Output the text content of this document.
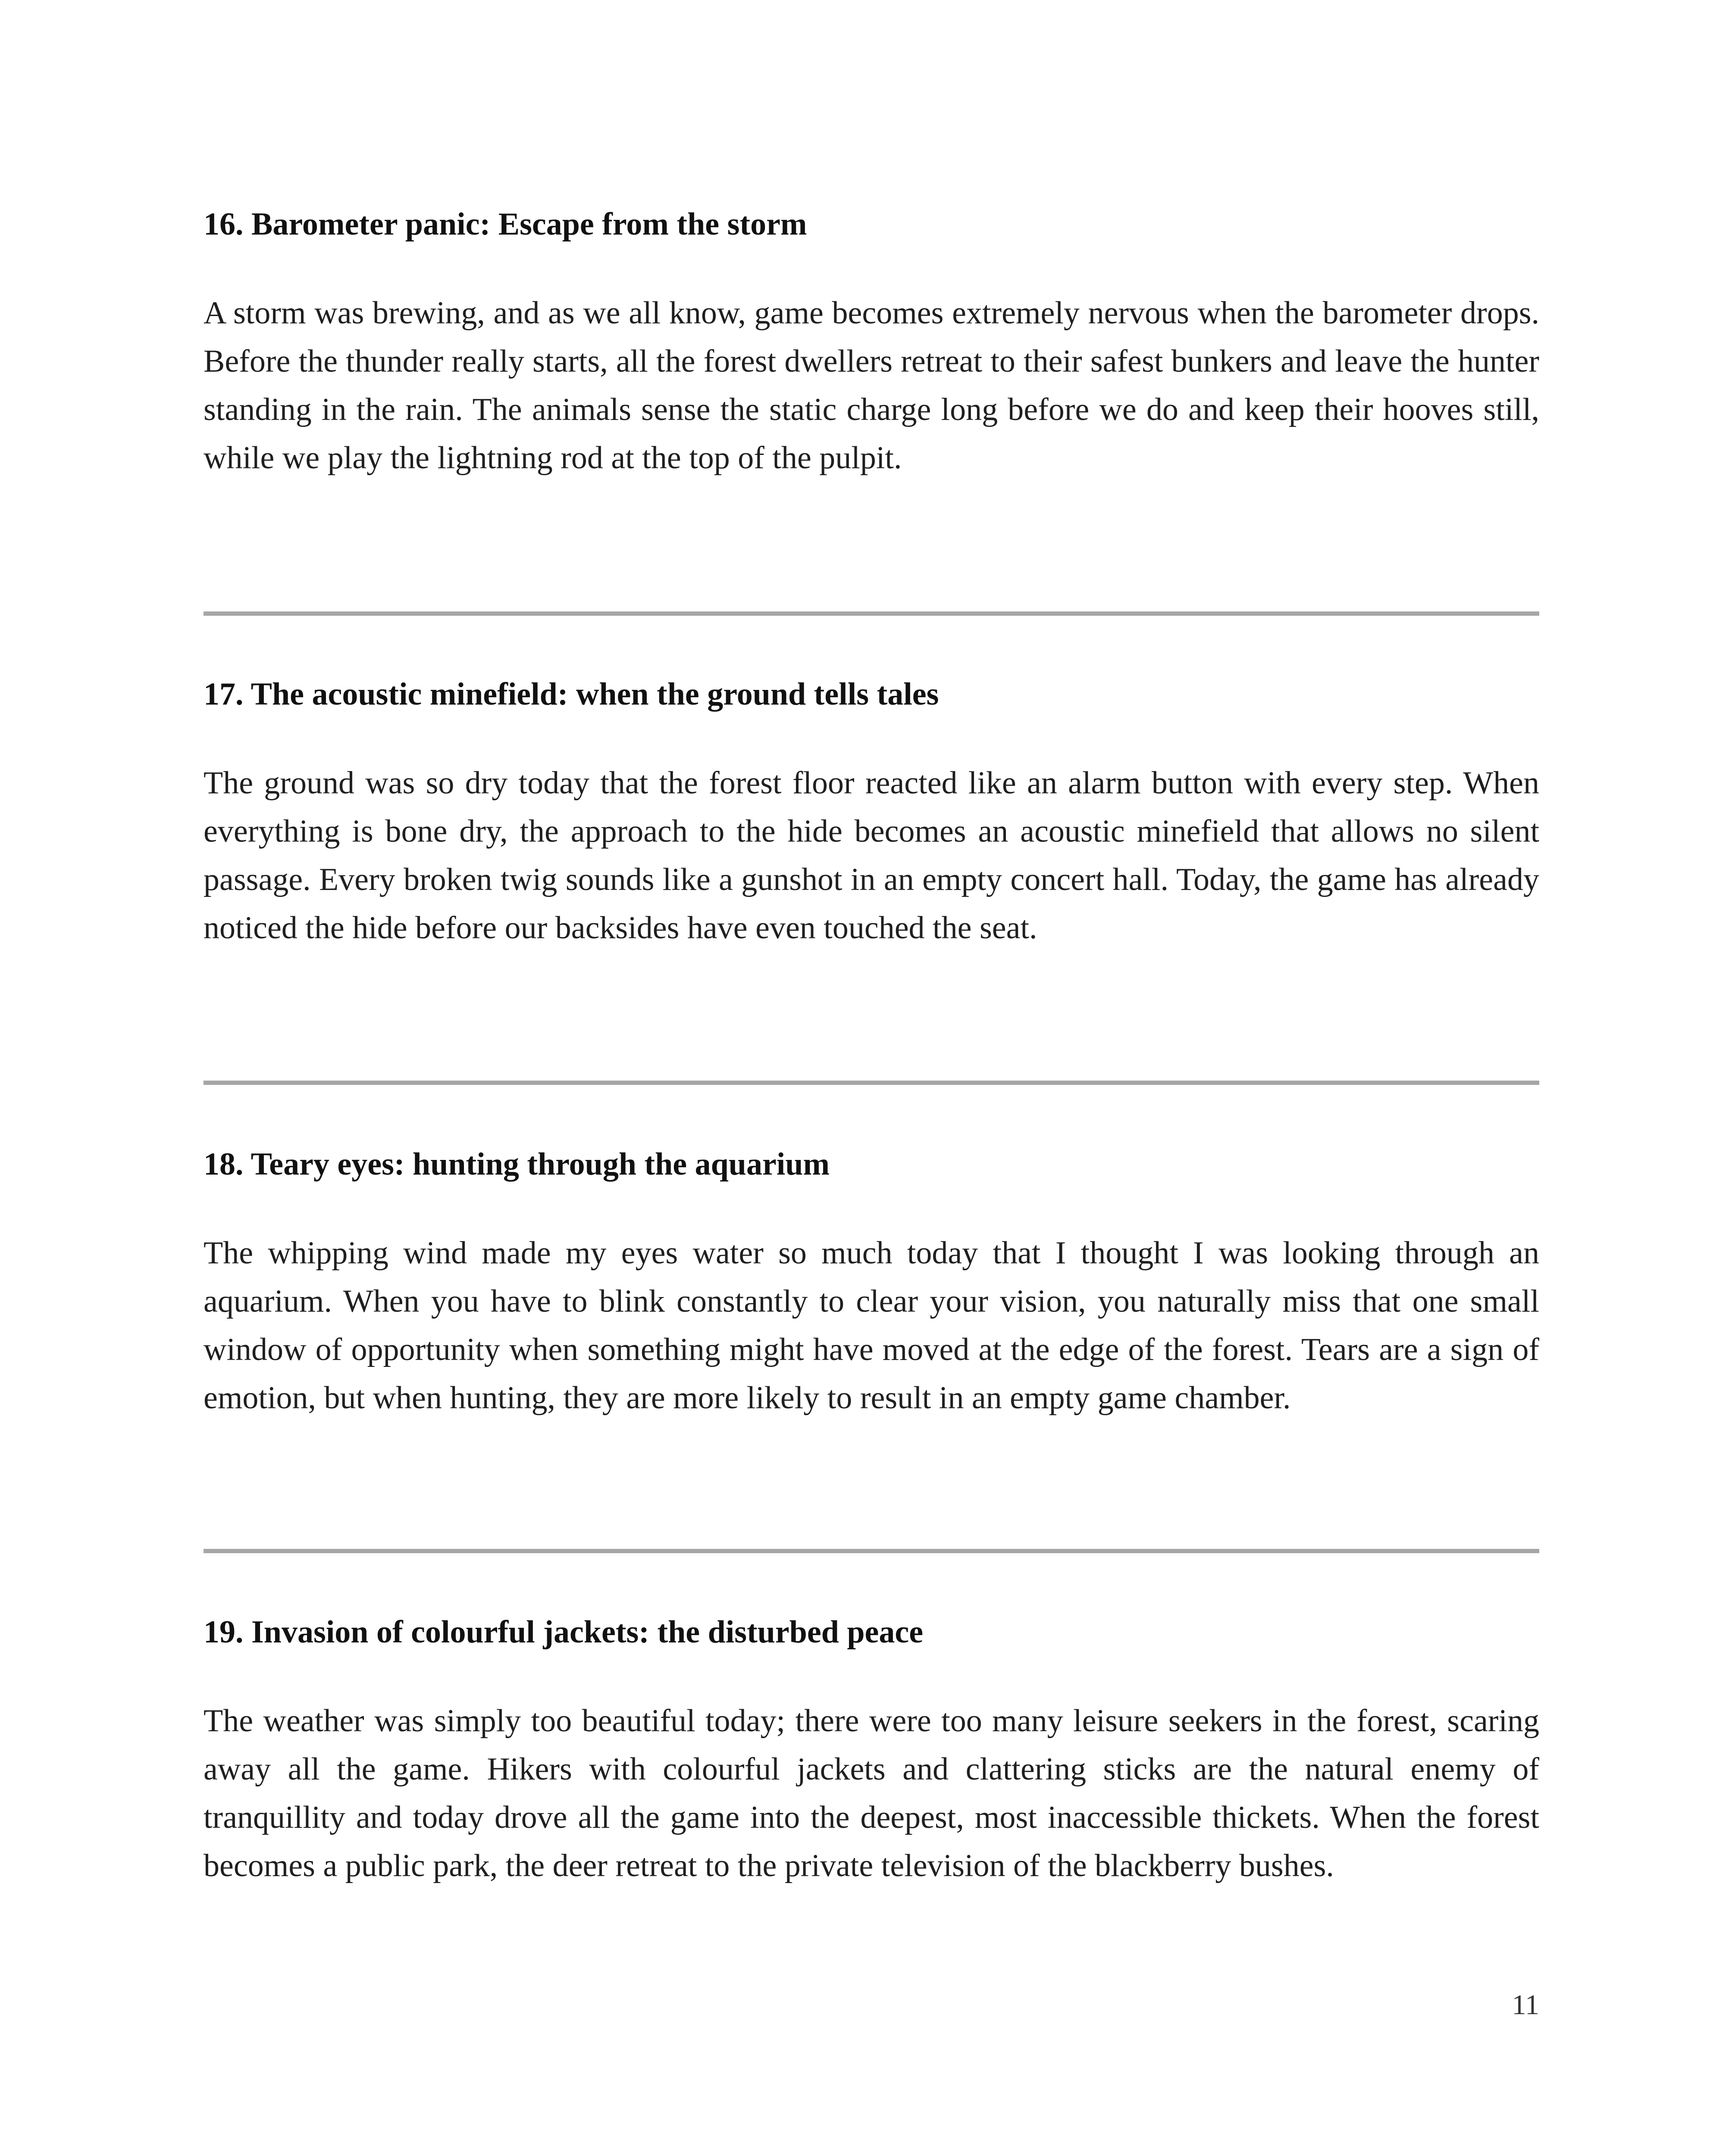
16. Barometer panic: Escape from the storm

A storm was brewing, and as we all know, game becomes extremely nervous when the barometer drops. Before the thunder really starts, all the forest dwellers retreat to their safest bunkers and leave the hunter standing in the rain. The animals sense the static charge long before we do and keep their hooves still, while we play the lightning rod at the top of the pulpit.

17. The acoustic minefield: when the ground tells tales

The ground was so dry today that the forest floor reacted like an alarm button with every step. When everything is bone dry, the approach to the hide becomes an acoustic minefield that allows no silent passage. Every broken twig sounds like a gunshot in an empty concert hall. Today, the game has already noticed the hide before our backsides have even touched the seat.

18. Teary eyes: hunting through the aquarium

The whipping wind made my eyes water so much today that I thought I was looking through an aquarium. When you have to blink constantly to clear your vision, you naturally miss that one small window of opportunity when something might have moved at the edge of the forest. Tears are a sign of emotion, but when hunting, they are more likely to result in an empty game chamber.

19. Invasion of colourful jackets: the disturbed peace

The weather was simply too beautiful today; there were too many leisure seekers in the forest, scaring away all the game. Hikers with colourful jackets and clattering sticks are the natural enemy of tranquillity and today drove all the game into the deepest, most inaccessible thickets. When the forest becomes a public park, the deer retreat to the private television of the blackberry bushes.

11
